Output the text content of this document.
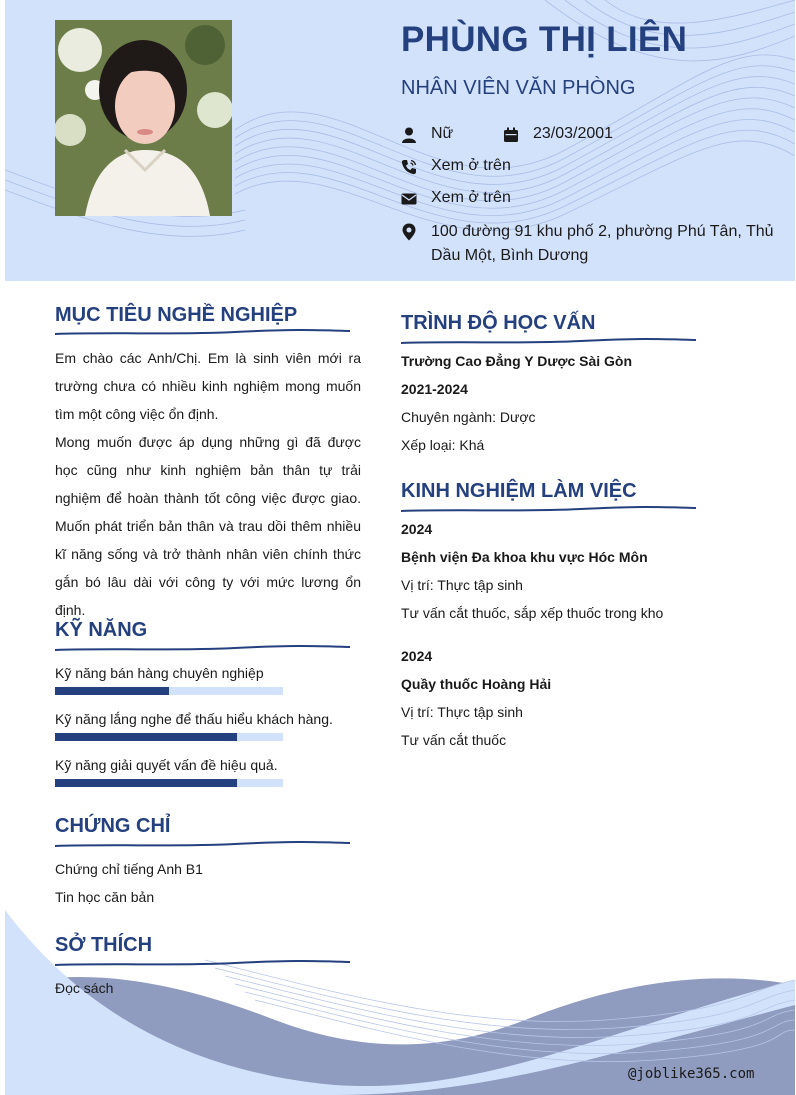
PHÙNG THỊ LIÊN
NHÂN VIÊN VĂN PHÒNG
Nữ	23/03/2001
Xem ở trên
Xem ở trên
100 đường 91 khu phố 2, phường Phú Tân, Thủ Dầu Một, Bình Dương
MỤC TIÊU NGHỀ NGHIỆP
Em chào các Anh/Chị. Em là sinh viên mới ra trường chưa có nhiều kinh nghiệm mong muốn tìm một công việc ổn định.
Mong muốn được áp dụng những gì đã được học cũng như kinh nghiệm bản thân tự trải nghiệm để hoàn thành tốt công việc được giao. Muốn phát triển bản thân và trau dồi thêm nhiều kĩ năng sống và trở thành nhân viên chính thức gắn bó lâu dài với công ty với mức lương ổn định.
KỸ NĂNG
Kỹ năng bán hàng chuyên nghiệp
Kỹ năng lắng nghe để thấu hiểu khách hàng.
Kỹ năng giải quyết vấn đề hiệu quả.
CHỨNG CHỈ
Chứng chỉ tiếng Anh B1
Tin học căn bản
SỞ THÍCH
Đọc sách
TRÌNH ĐỘ HỌC VẤN
Trường Cao Đẳng Y Dược Sài Gòn
2021-2024
Chuyên ngành: Dược
Xếp loại: Khá
KINH NGHIỆM LÀM VIỆC
2024
Bệnh viện Đa khoa khu vực Hóc Môn
Vị trí: Thực tập sinh
Tư vấn cắt thuốc, sắp xếp thuốc trong kho
2024
Quầy thuốc Hoàng Hải
Vị trí: Thực tập sinh
Tư vấn cắt thuốc
@joblike365.com
